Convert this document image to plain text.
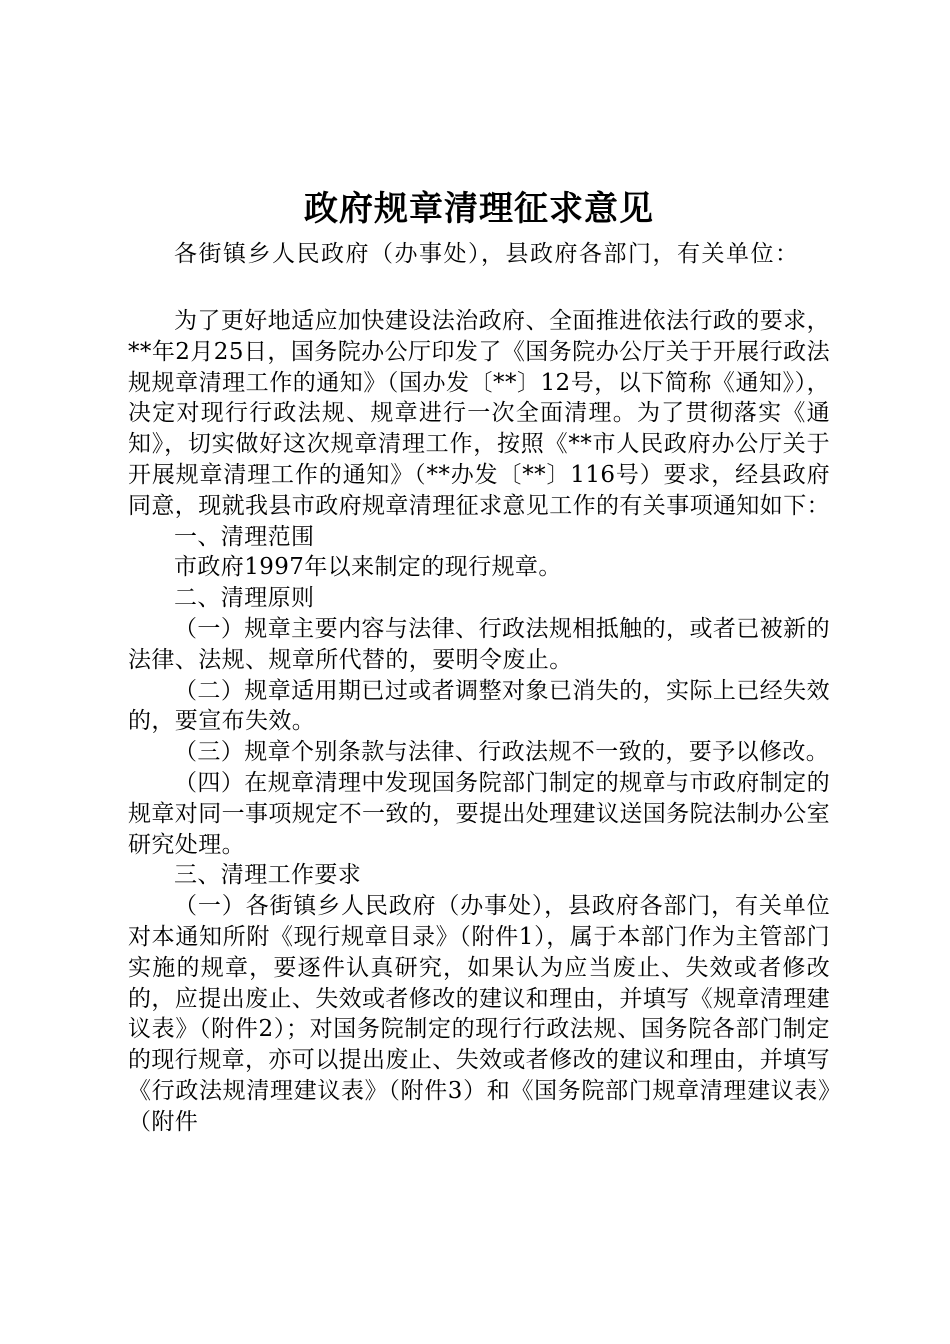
政府规章清理征求意见

各街镇乡人民政府（办事处），县政府各部门，有关单位：

为了更好地适应加快建设法治政府、全面推进依法行政的要求，**年2月25日，国务院办公厅印发了《国务院办公厅关于开展行政法规规章清理工作的通知》（国办发〔**〕12号，以下简称《通知》），决定对现行行政法规、规章进行一次全面清理。为了贯彻落实《通知》，切实做好这次规章清理工作，按照《**市人民政府办公厅关于开展规章清理工作的通知》（**办发〔**〕116号）要求，经县政府同意，现就我县市政府规章清理征求意见工作的有关事项通知如下：

一、清理范围

市政府1997年以来制定的现行规章。

二、清理原则

（一）规章主要内容与法律、行政法规相抵触的，或者已被新的法律、法规、规章所代替的，要明令废止。

（二）规章适用期已过或者调整对象已消失的，实际上已经失效的，要宣布失效。

（三）规章个别条款与法律、行政法规不一致的，要予以修改。

（四）在规章清理中发现国务院部门制定的规章与市政府制定的规章对同一事项规定不一致的，要提出处理建议送国务院法制办公室研究处理。

三、清理工作要求

（一）各街镇乡人民政府（办事处），县政府各部门，有关单位对本通知所附《现行规章目录》（附件1），属于本部门作为主管部门实施的规章，要逐件认真研究，如果认为应当废止、失效或者修改的，应提出废止、失效或者修改的建议和理由，并填写《规章清理建议表》（附件2）；对国务院制定的现行行政法规、国务院各部门制定的现行规章，亦可以提出废止、失效或者修改的建议和理由，并填写《行政法规清理建议表》（附件3）和《国务院部门规章清理建议表》（附件
